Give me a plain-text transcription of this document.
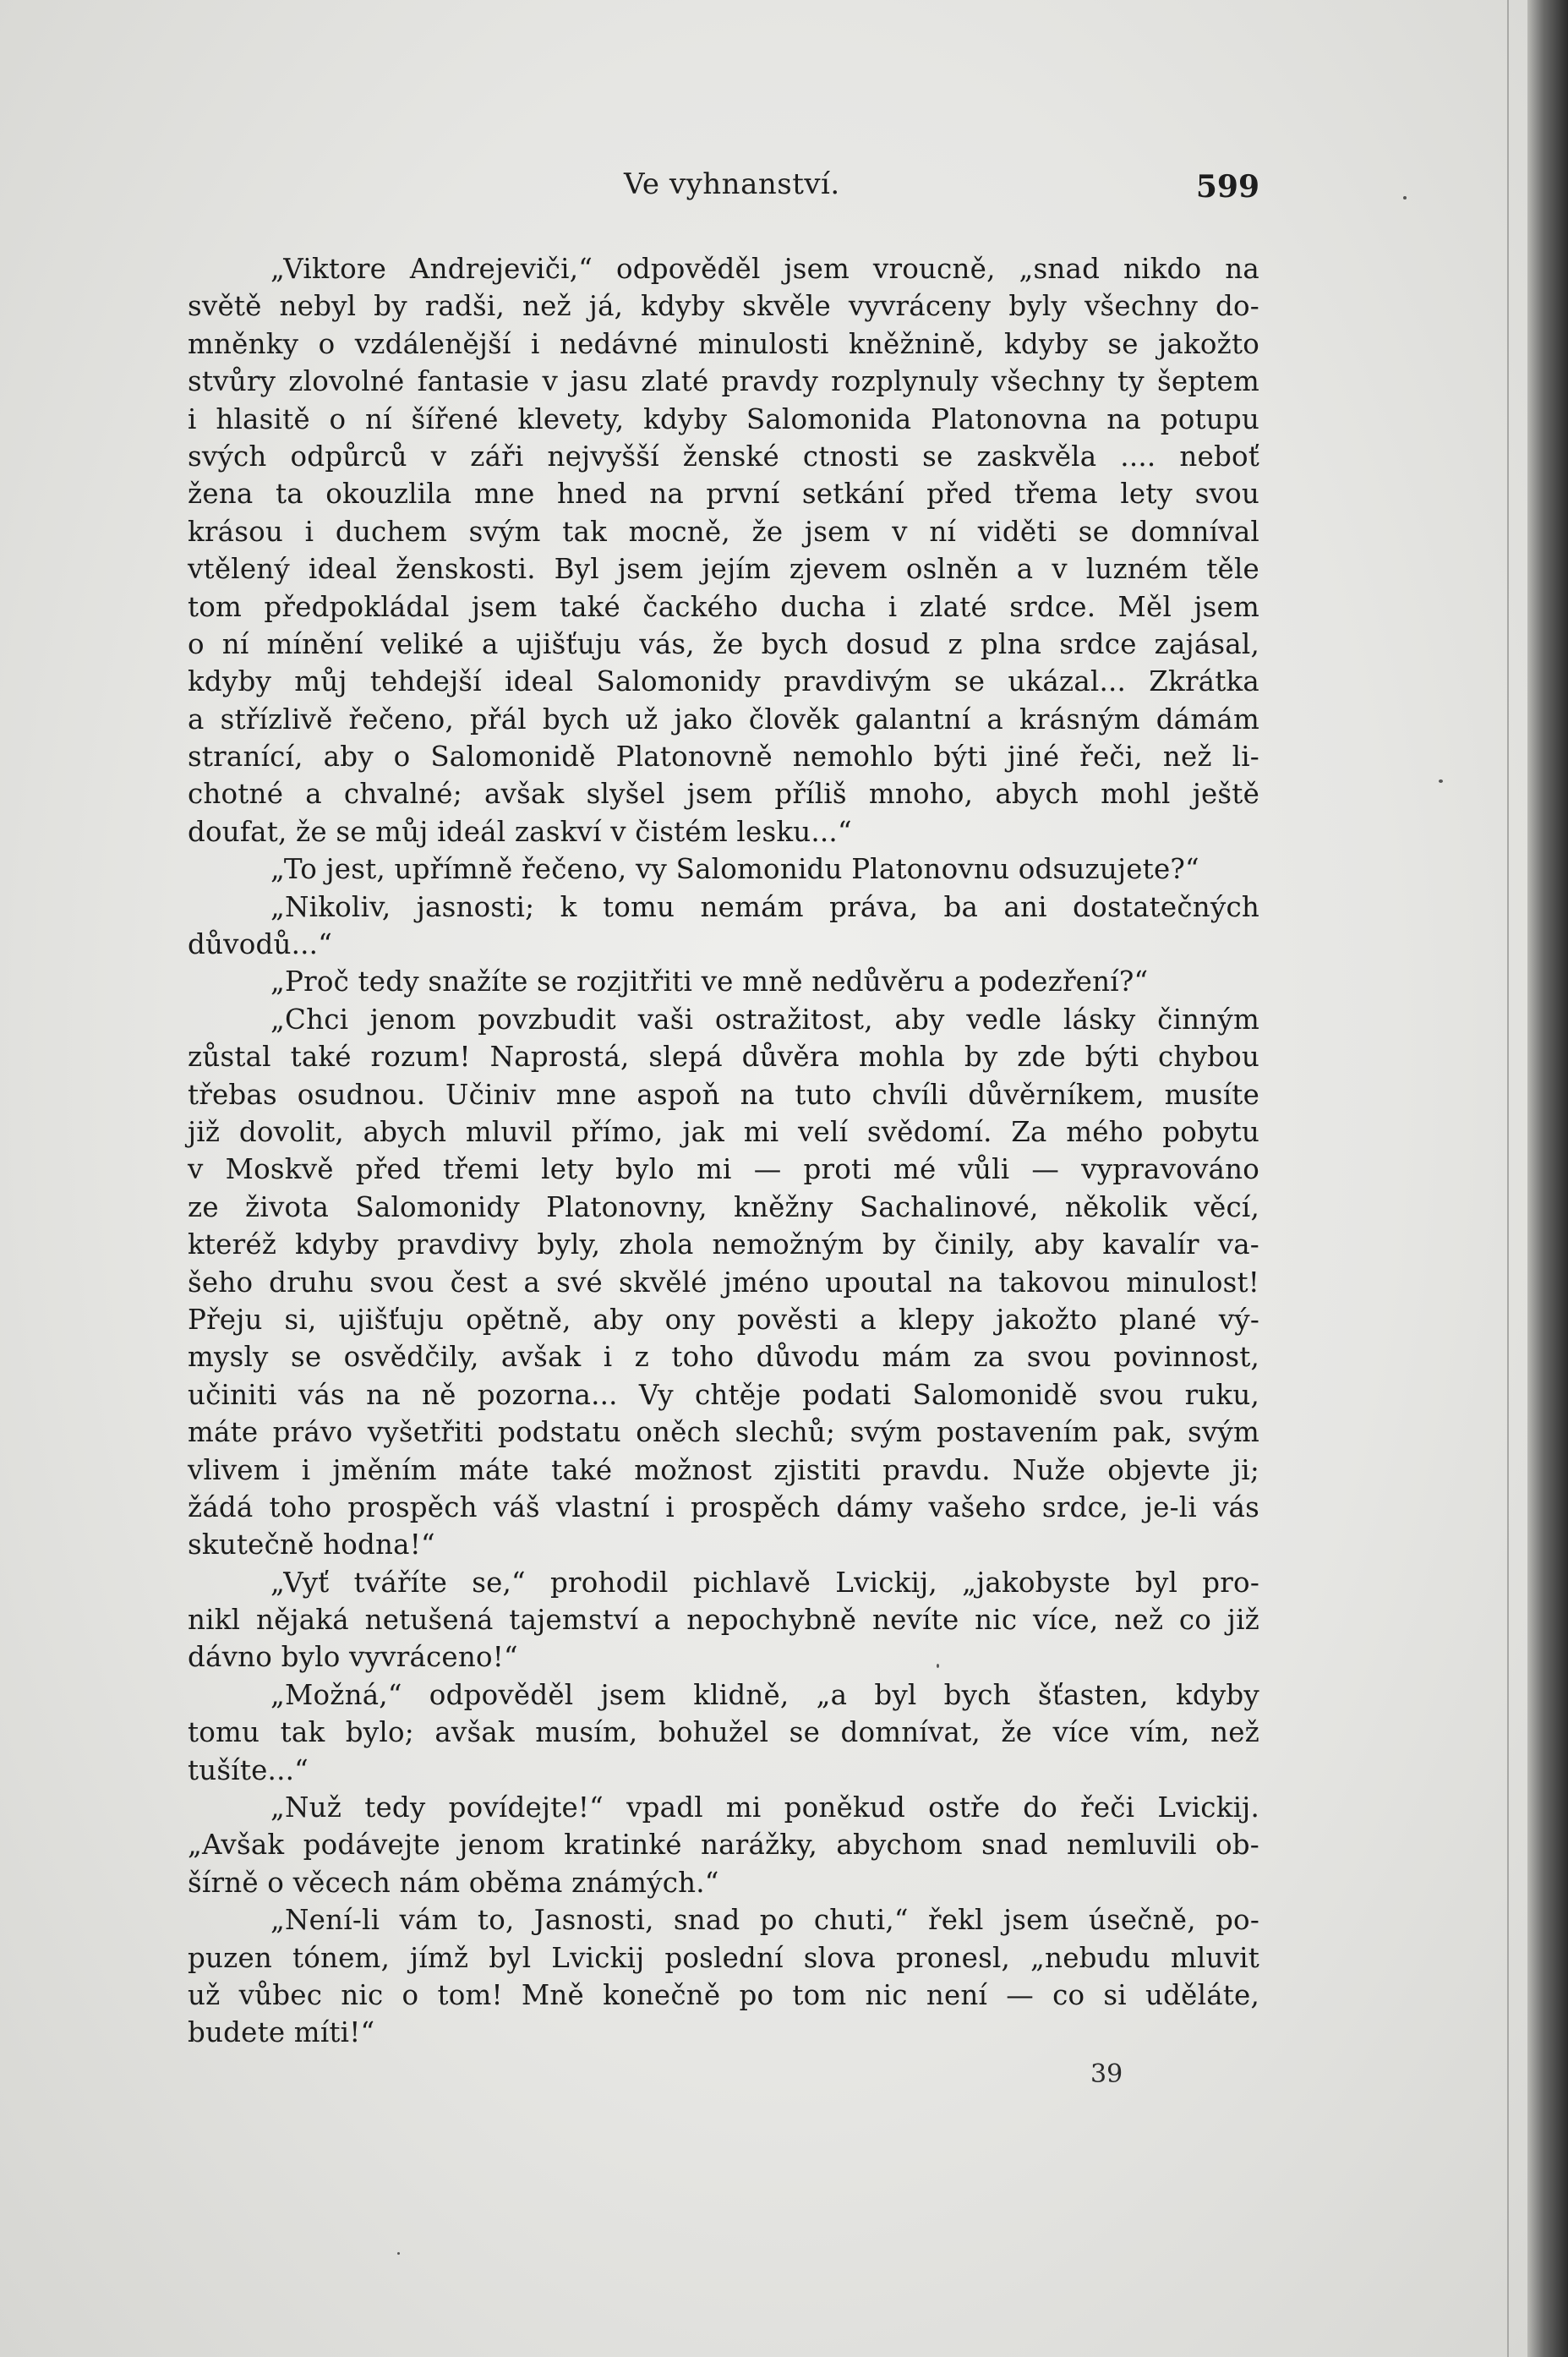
Ve vyhnanství.	599
„Viktore Andrejeviči,“ odpověděl jsem vroucně, „snad nikdo na
světě nebyl by radši, než já, kdyby skvěle vyvráceny byly všechny do-
mněnky o vzdálenější i nedávné minulosti kněžnině, kdyby se jakožto
stvůry zlovolné fantasie v jasu zlaté pravdy rozplynuly všechny ty šeptem
i hlasitě o ní šířené klevety, kdyby Salomonida Platonovna na potupu
svých odpůrců v záři nejvyšší ženské ctnosti se zaskvěla .... neboť
žena ta okouzlila mne hned na první setkání před třema lety svou
krásou i duchem svým tak mocně, že jsem v ní viděti se domníval
vtělený ideal ženskosti. Byl jsem jejím zjevem oslněn a v luzném těle
tom předpokládal jsem také čackého ducha i zlaté srdce. Měl jsem
o ní mínění veliké a ujišťuju vás, že bych dosud z plna srdce zajásal,
kdyby můj tehdejší ideal Salomonidy pravdivým se ukázal... Zkrátka
a střízlivě řečeno, přál bych už jako člověk galantní a krásným dámám
stranící, aby o Salomonidě Platonovně nemohlo býti jiné řeči, než li-
chotné a chvalné; avšak slyšel jsem příliš mnoho, abych mohl ještě
doufat, že se můj ideál zaskví v čistém lesku...“
„To jest, upřímně řečeno, vy Salomonidu Platonovnu odsuzujete?“
„Nikoliv, jasnosti; k tomu nemám práva, ba ani dostatečných
důvodů...“
„Proč tedy snažíte se rozjitřiti ve mně nedůvěru a podezření?“
„Chci jenom povzbudit vaši ostražitost, aby vedle lásky činným
zůstal také rozum! Naprostá, slepá důvěra mohla by zde býti chybou
třebas osudnou. Učiniv mne aspoň na tuto chvíli důvěrníkem, musíte
již dovolit, abych mluvil přímo, jak mi velí svědomí. Za mého pobytu
v Moskvě před třemi lety bylo mi — proti mé vůli — vypravováno
ze života Salomonidy Platonovny, kněžny Sachalinové, několik věcí,
kteréž kdyby pravdivy byly, zhola nemožným by činily, aby kavalír va-
šeho druhu svou čest a své skvělé jméno upoutal na takovou minulost!
Přeju si, ujišťuju opětně, aby ony pověsti a klepy jakožto plané vý-
mysly se osvědčily, avšak i z toho důvodu mám za svou povinnost,
učiniti vás na ně pozorna... Vy chtěje podati Salomonidě svou ruku,
máte právo vyšetřiti podstatu oněch slechů; svým postavením pak, svým
vlivem i jměním máte také možnost zjistiti pravdu. Nuže objevte ji;
žádá toho prospěch váš vlastní i prospěch dámy vašeho srdce, je-li vás
skutečně hodna!“
„Vyť tváříte se,“ prohodil pichlavě Lvickij, „jakobyste byl pro-
nikl nějaká netušená tajemství a nepochybně nevíte nic více, než co již
dávno bylo vyvráceno!“
„Možná,“ odpověděl jsem klidně, „a byl bych šťasten, kdyby
tomu tak bylo; avšak musím, bohužel se domnívat, že více vím, než
tušíte...“
„Nuž tedy povídejte!“ vpadl mi poněkud ostře do řeči Lvickij.
„Avšak podávejte jenom kratinké narážky, abychom snad nemluvili ob-
šírně o věcech nám oběma známých.“
„Není-li vám to, Jasnosti, snad po chuti,“ řekl jsem úsečně, po-
puzen tónem, jímž byl Lvickij poslední slova pronesl, „nebudu mluvit
už vůbec nic o tom! Mně konečně po tom nic není — co si uděláte,
budete míti!“
39
